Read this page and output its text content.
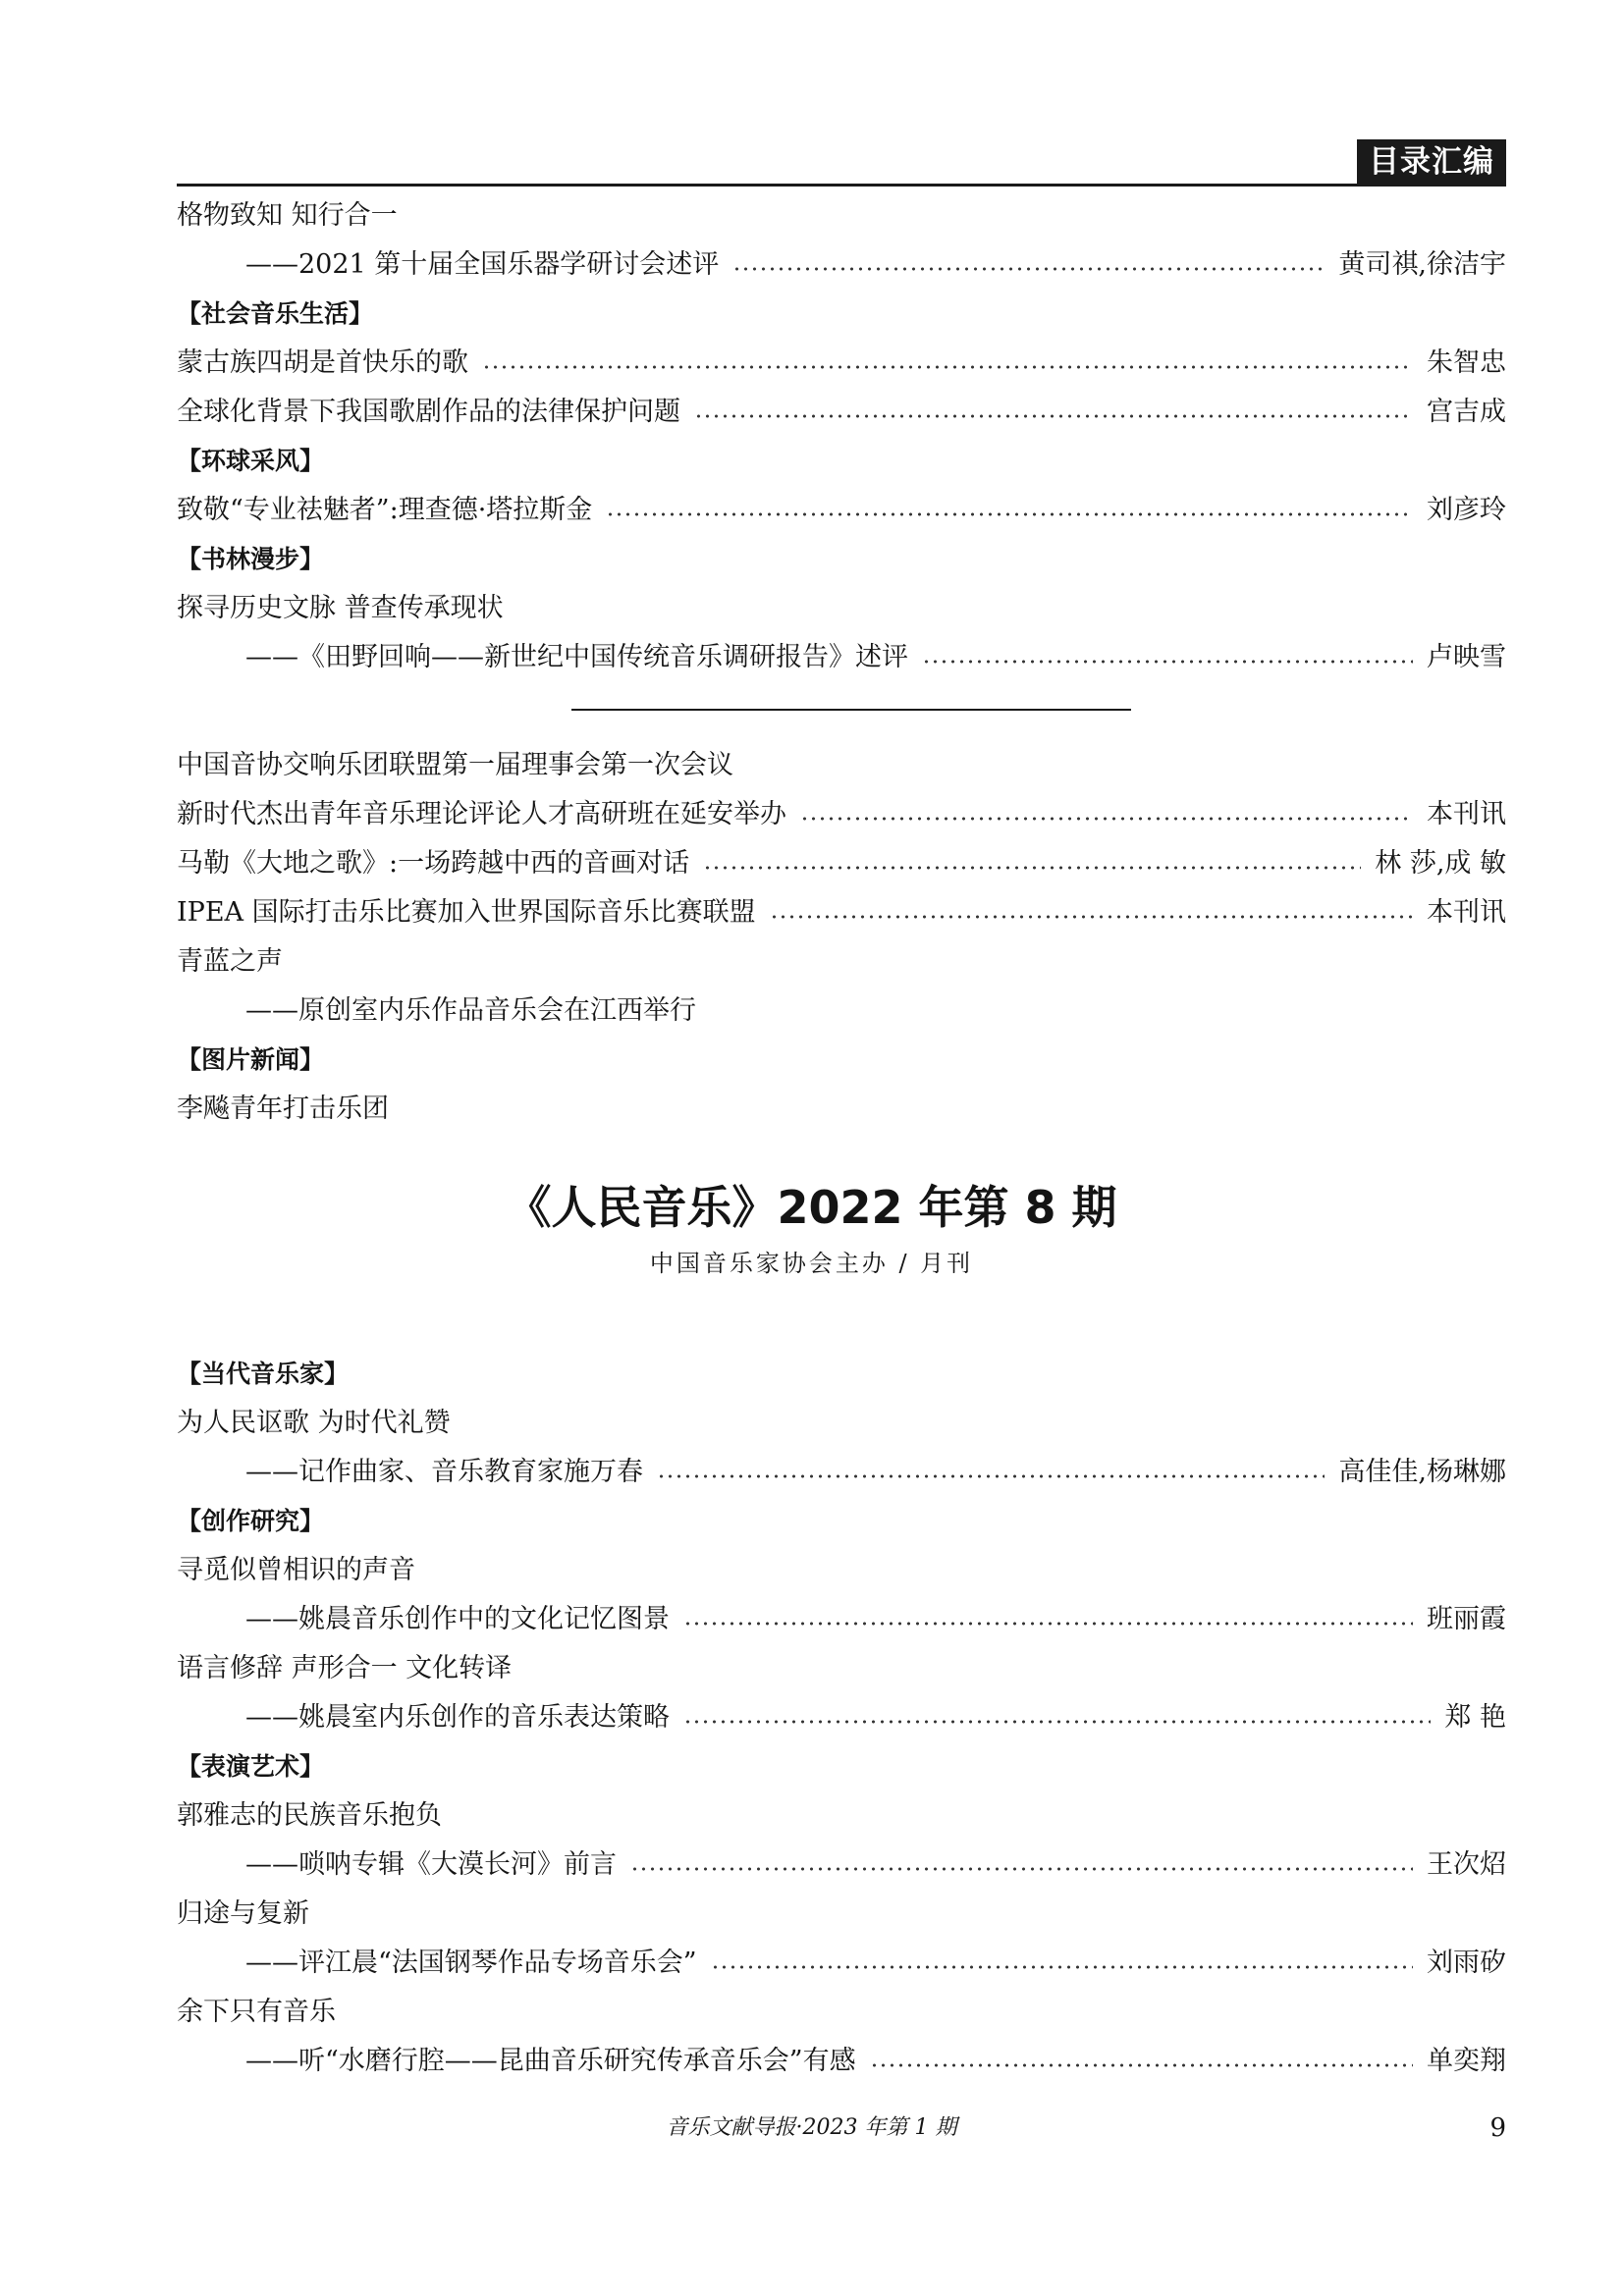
目录汇编
格物致知 知行合一
——2021 第十届全国乐器学研讨会述评	黄司祺,徐洁宇
【社会音乐生活】
蒙古族四胡是首快乐的歌	朱智忠
全球化背景下我国歌剧作品的法律保护问题	宫吉成
【环球采风】
致敬“专业祛魅者”:理查德·塔拉斯金	刘彦玲
【书林漫步】
探寻历史文脉 普查传承现状
——《田野回响——新世纪中国传统音乐调研报告》述评	卢映雪
中国音协交响乐团联盟第一届理事会第一次会议
新时代杰出青年音乐理论评论人才高研班在延安举办	本刊讯
马勒《大地之歌》:一场跨越中西的音画对话	林 莎,成 敏
IPEA 国际打击乐比赛加入世界国际音乐比赛联盟	本刊讯
青蓝之声
——原创室内乐作品音乐会在江西举行
【图片新闻】
李飚青年打击乐团
【当代音乐家】
为人民讴歌 为时代礼赞
——记作曲家、音乐教育家施万春	高佳佳,杨琳娜
【创作研究】
寻觅似曾相识的声音
——姚晨音乐创作中的文化记忆图景	班丽霞
语言修辞 声形合一 文化转译
——姚晨室内乐创作的音乐表达策略	郑 艳
【表演艺术】
郭雅志的民族音乐抱负
——唢呐专辑《大漠长河》前言	王次炤
归途与复新
——评江晨“法国钢琴作品专场音乐会”	刘雨矽
余下只有音乐
——听“水磨行腔——昆曲音乐研究传承音乐会”有感	单奕翔
《人民音乐》2022 年第 8 期
中国音乐家协会主办 / 月刊
音乐文献导报·2023 年第 1 期	9
